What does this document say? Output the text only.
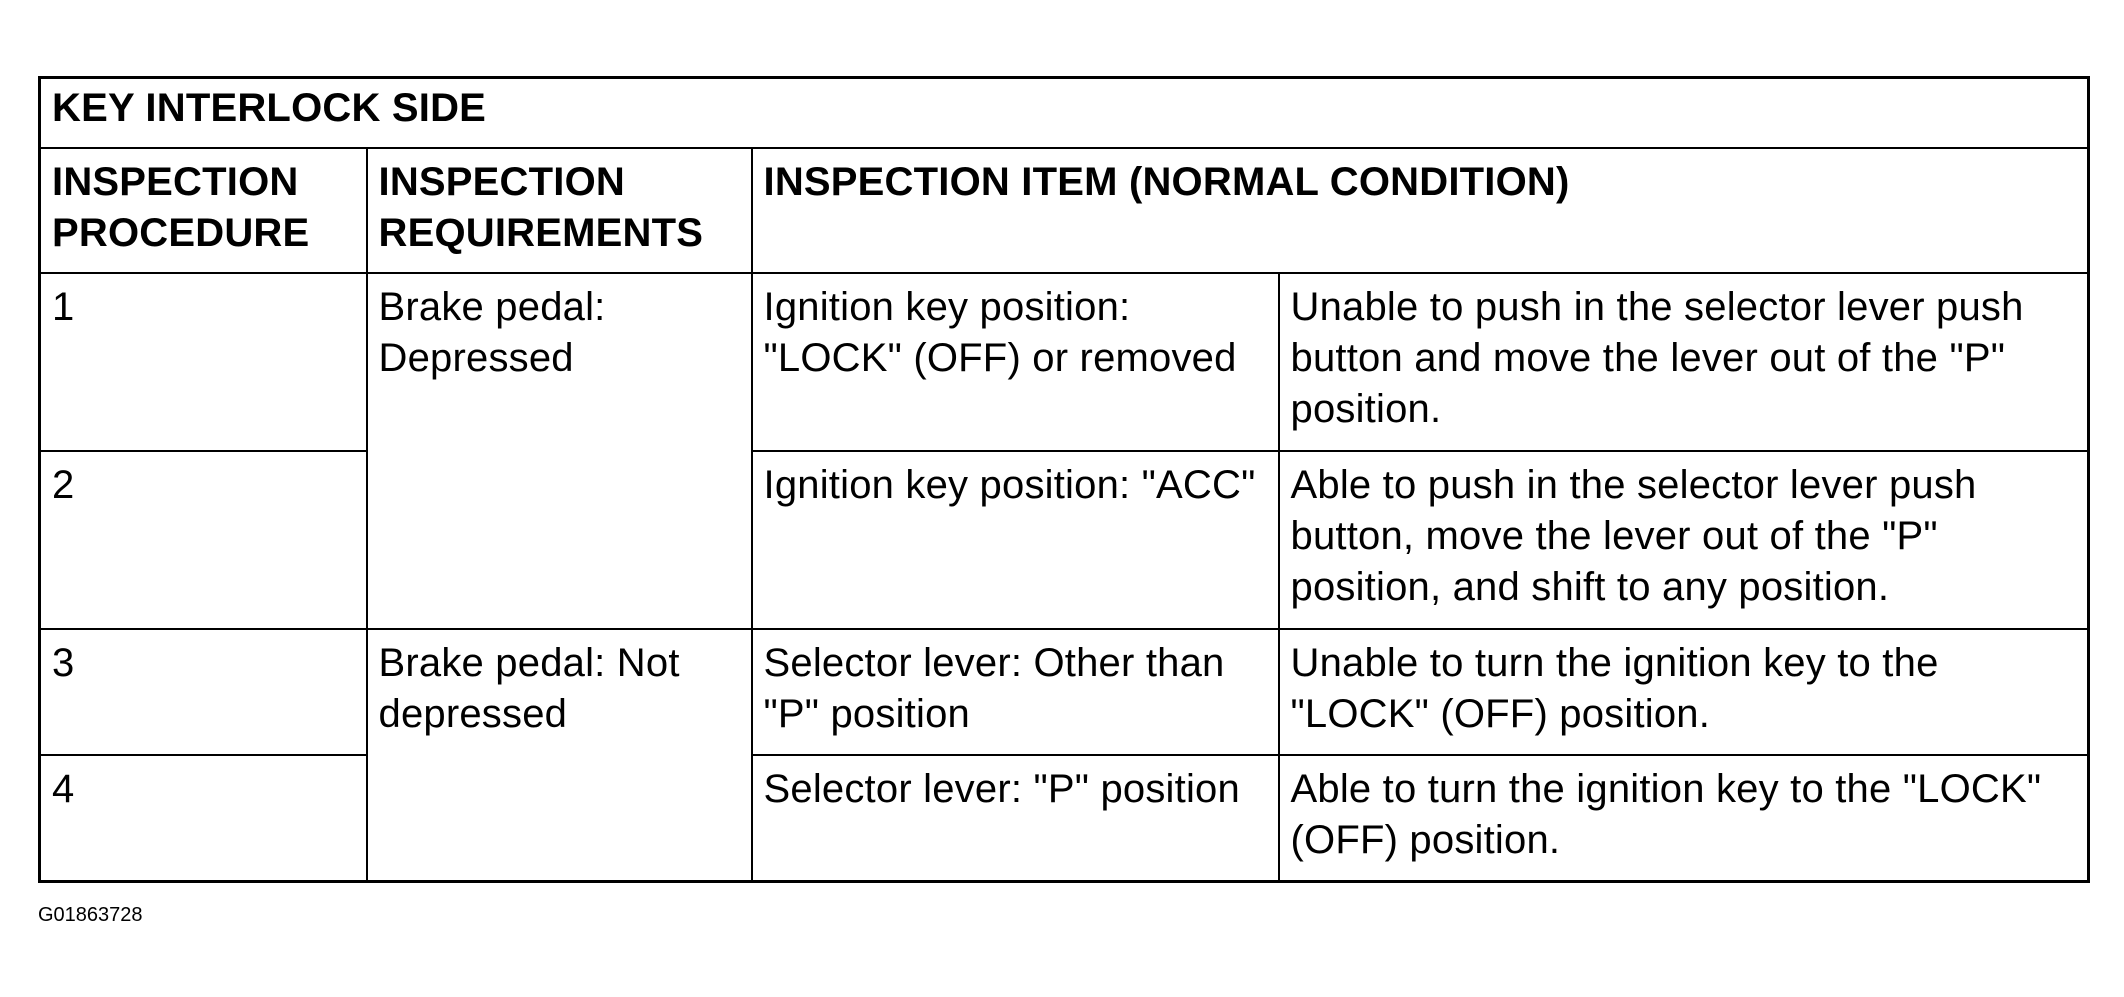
KEY INTERLOCK SIDE			
INSPECTION PROCEDURE	INSPECTION REQUIREMENTS	INSPECTION ITEM (NORMAL CONDITION)	
1	Brake pedal: Depressed	Ignition key position: "LOCK" (OFF) or removed	Unable to push in the selector lever push button and move the lever out of the "P" position.
2		Ignition key position: "ACC"	Able to push in the selector lever push button, move the lever out of the "P" position, and shift to any position.
3	Brake pedal: Not depressed	Selector lever: Other than "P" position	Unable to turn the ignition key to the "LOCK" (OFF) position.
4		Selector lever: "P" position	Able to turn the ignition key to the "LOCK" (OFF) position.
G01863728
